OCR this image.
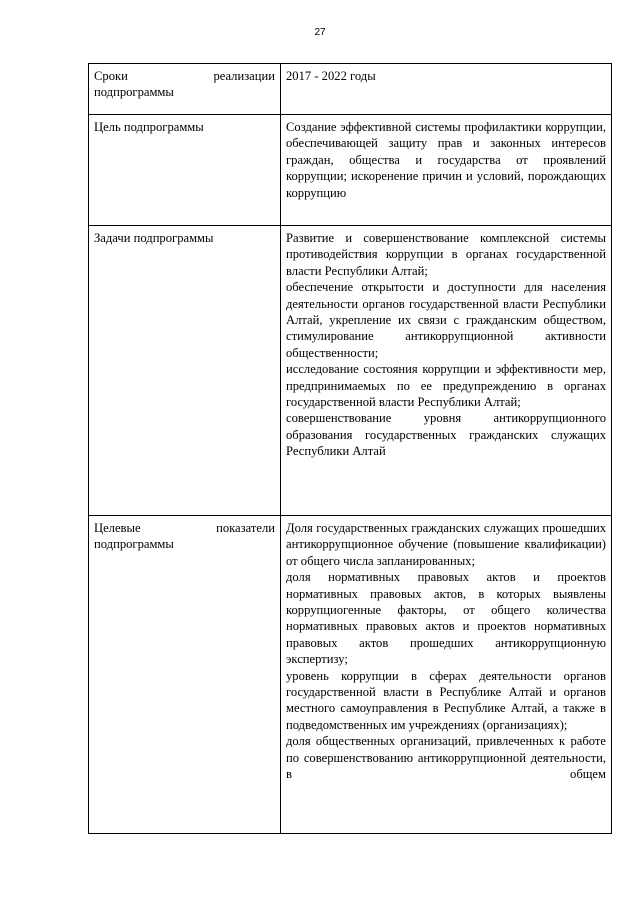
27
Сроки реализации подпрограммы	2017 - 2022 годы

Цель подпрограммы	Создание эффективной системы профилактики коррупции, обеспечивающей защиту прав и законных интересов граждан, общества и государства от проявлений коррупции; искоренение причин и условий, порождающих коррупцию

Задачи подпрограммы	Развитие и совершенствование комплексной системы противодействия коррупции в органах государственной власти Республики Алтай;

обеспечение открытости и доступности для населения деятельности органов государственной власти Республики Алтай, укрепление их связи с гражданским обществом, стимулирование антикоррупционной активности общественности;

исследование состояния коррупции и эффективности мер, предпринимаемых по ее предупреждению в органах государственной власти Республики Алтай;

совершенствование уровня антикоррупционного образования государственных гражданских служащих Республики Алтай

Целевые показатели подпрограммы	Доля государственных гражданских служащих прошедших антикоррупционное обучение (повышение квалификации) от общего числа запланированных;

доля нормативных правовых актов и проектов нормативных правовых актов, в которых выявлены коррупциогенные факторы, от общего количества нормативных правовых актов и проектов нормативных правовых актов прошедших антикоррупционную экспертизу;

уровень коррупции в сферах деятельности органов государственной власти в Республике Алтай и органов местного самоуправления в Республике Алтай, а также в подведомственных им учреждениях (организациях);

доля общественных организаций, привлеченных к работе по совершенствованию антикоррупционной деятельности, в общем
